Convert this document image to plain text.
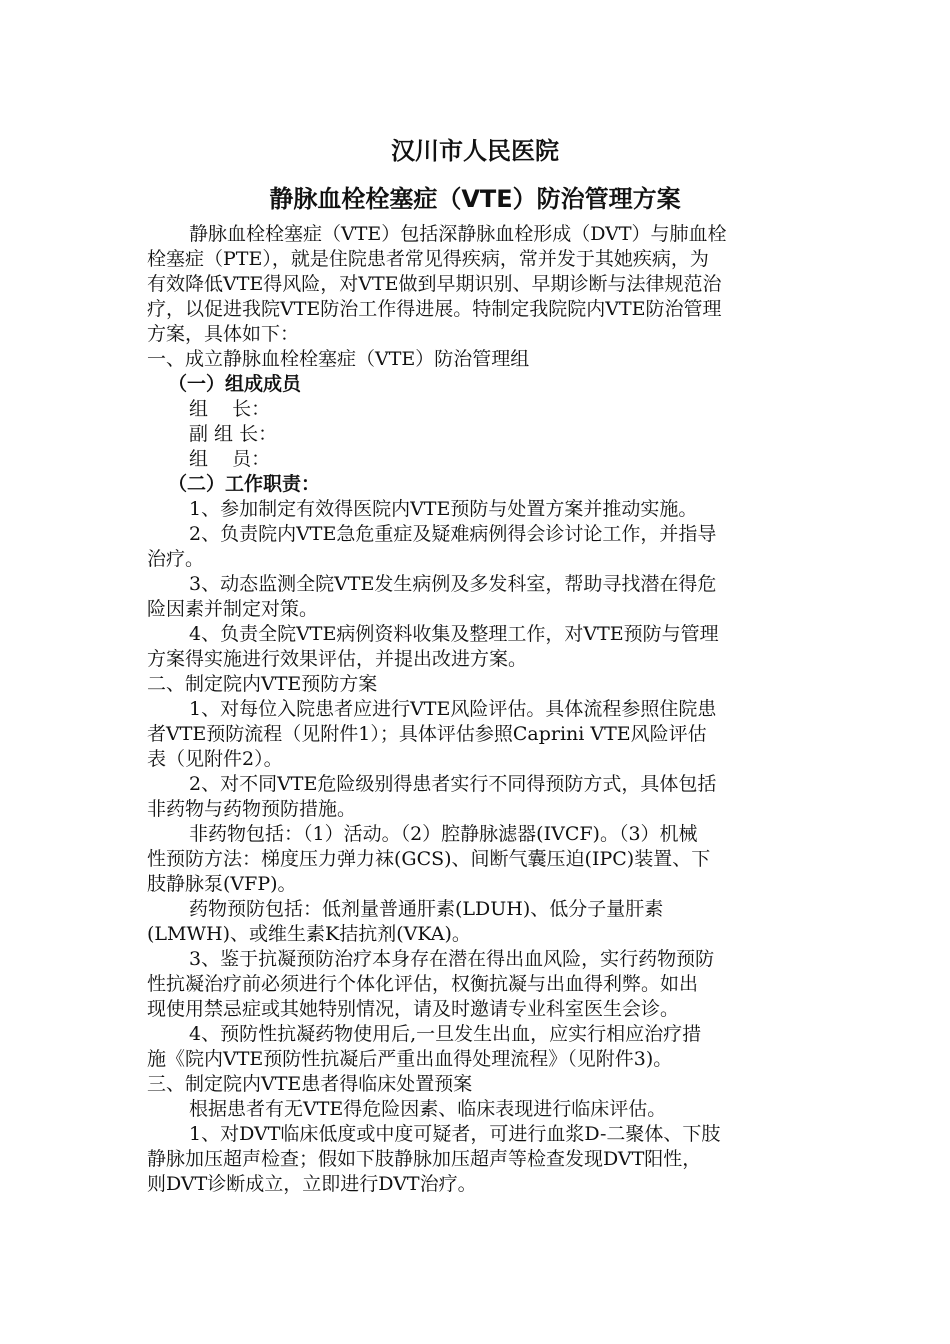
汉川市人民医院
静脉血栓栓塞症（VTE）防治管理方案
静脉血栓栓塞症（VTE）包括深静脉血栓形成（DVT）与肺血栓
栓塞症（PTE），就是住院患者常见得疾病，常并发于其她疾病，为
有效降低VTE得风险，对VTE做到早期识别、早期诊断与法律规范治
疗，以促进我院VTE防治工作得进展。特制定我院院内VTE防治管理
方案，具体如下：
一、成立静脉血栓栓塞症（VTE）防治管理组
（一）组成成员
组    长：
副 组 长：
组    员：
（二）工作职责：
1、参加制定有效得医院内VTE预防与处置方案并推动实施。
2、负责院内VTE急危重症及疑难病例得会诊讨论工作，并指导
治疗。
3、动态监测全院VTE发生病例及多发科室，帮助寻找潜在得危
险因素并制定对策。
4、负责全院VTE病例资料收集及整理工作，对VTE预防与管理
方案得实施进行效果评估，并提出改进方案。
二、制定院内VTE预防方案
1、对每位入院患者应进行VTE风险评估。具体流程参照住院患
者VTE预防流程（见附件1）；具体评估参照Caprini VTE风险评估
表（见附件2）。
2、对不同VTE危险级别得患者实行不同得预防方式，具体包括
非药物与药物预防措施。
非药物包括：（1）活动。（2）腔静脉滤器(IVCF)。（3）机械
性预防方法：梯度压力弹力袜(GCS)、间断气囊压迫(IPC)装置、下
肢静脉泵(VFP)。
药物预防包括：低剂量普通肝素(LDUH)、低分子量肝素
(LMWH)、或维生素K拮抗剂(VKA)。
3、鉴于抗凝预防治疗本身存在潜在得出血风险，实行药物预防
性抗凝治疗前必须进行个体化评估，权衡抗凝与出血得利弊。如出
现使用禁忌症或其她特别情况，请及时邀请专业科室医生会诊。
4、预防性抗凝药物使用后,一旦发生出血，应实行相应治疗措
施《院内VTE预防性抗凝后严重出血得处理流程》（见附件3)。
三、制定院内VTE患者得临床处置预案
根据患者有无VTE得危险因素、临床表现进行临床评估。
1、对DVT临床低度或中度可疑者，可进行血浆D-二聚体、下肢
静脉加压超声检查；假如下肢静脉加压超声等检查发现DVT阳性，
则DVT诊断成立，立即进行DVT治疗。
